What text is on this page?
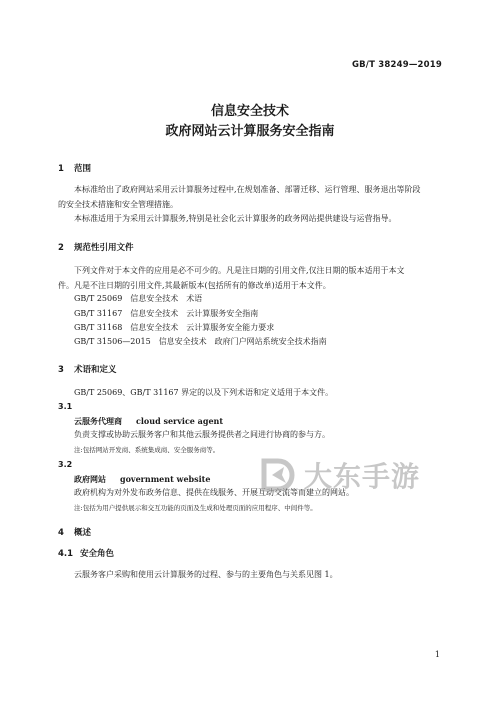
GB/T 38249—2019
信息安全技术
政府网站云计算服务安全指南
1 范围
本标准给出了政府网站采用云计算服务过程中,在规划准备、部署迁移、运行管理、服务退出等阶段
的安全技术措施和安全管理措施。
本标准适用于为采用云计算服务,特别是社会化云计算服务的政务网站提供建设与运营指导。
2 规范性引用文件
下列文件对于本文件的应用是必不可少的。凡是注日期的引用文件,仅注日期的版本适用于本文
件。凡是不注日期的引用文件,其最新版本(包括所有的修改单)适用于本文件。
GB/T 25069 信息安全技术　术语
GB/T 31167 信息安全技术　云计算服务安全指南
GB/T 31168 信息安全技术　云计算服务安全能力要求
GB/T 31506—2015 信息安全技术　政府门户网站系统安全技术指南
3 术语和定义
GB/T 25069、GB/T 31167 界定的以及下列术语和定义适用于本文件。
3.1
云服务代理商 cloud service agent
负责支撑或协助云服务客户和其他云服务提供者之间进行协商的参与方。
注:包括网站开发商、系统集成商、安全服务商等。
3.2
政府网站 government website
政府机构为对外发布政务信息、提供在线服务、开展互动交流等而建立的网站。
注:包括为用户提供展示和交互功能的页面及生成和处理页面的应用程序、中间件等。
4 概述
4.1 安全角色
云服务客户采购和使用云计算服务的过程、参与的主要角色与关系见图 1。
大东手游
1
